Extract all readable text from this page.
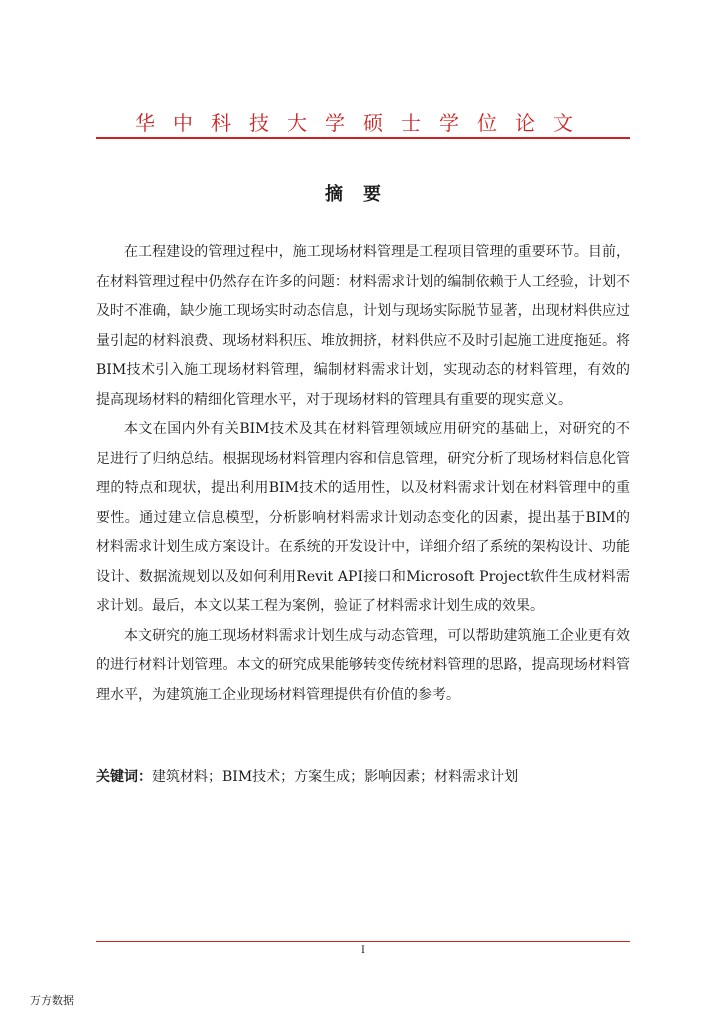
华中科技大学硕士学位论文
摘要

在工程建设的管理过程中，施工现场材料管理是工程项目管理的重要环节。目前，在材料管理过程中仍然存在许多的问题：材料需求计划的编制依赖于人工经验，计划不及时不准确，缺少施工现场实时动态信息，计划与现场实际脱节显著，出现材料供应过量引起的材料浪费、现场材料积压、堆放拥挤，材料供应不及时引起施工进度拖延。将BIM技术引入施工现场材料管理，编制材料需求计划，实现动态的材料管理，有效的提高现场材料的精细化管理水平，对于现场材料的管理具有重要的现实意义。

本文在国内外有关BIM技术及其在材料管理领域应用研究的基础上，对研究的不足进行了归纳总结。根据现场材料管理内容和信息管理，研究分析了现场材料信息化管理的特点和现状，提出利用BIM技术的适用性，以及材料需求计划在材料管理中的重要性。通过建立信息模型，分析影响材料需求计划动态变化的因素，提出基于BIM的材料需求计划生成方案设计。在系统的开发设计中，详细介绍了系统的架构设计、功能设计、数据流规划以及如何利用Revit API接口和Microsoft Project软件生成材料需求计划。最后，本文以某工程为案例，验证了材料需求计划生成的效果。

本文研究的施工现场材料需求计划生成与动态管理，可以帮助建筑施工企业更有效的进行材料计划管理。本文的研究成果能够转变传统材料管理的思路，提高现场材料管理水平，为建筑施工企业现场材料管理提供有价值的参考。

关键词：建筑材料；BIM技术；方案生成；影响因素；材料需求计划
I
万方数据
